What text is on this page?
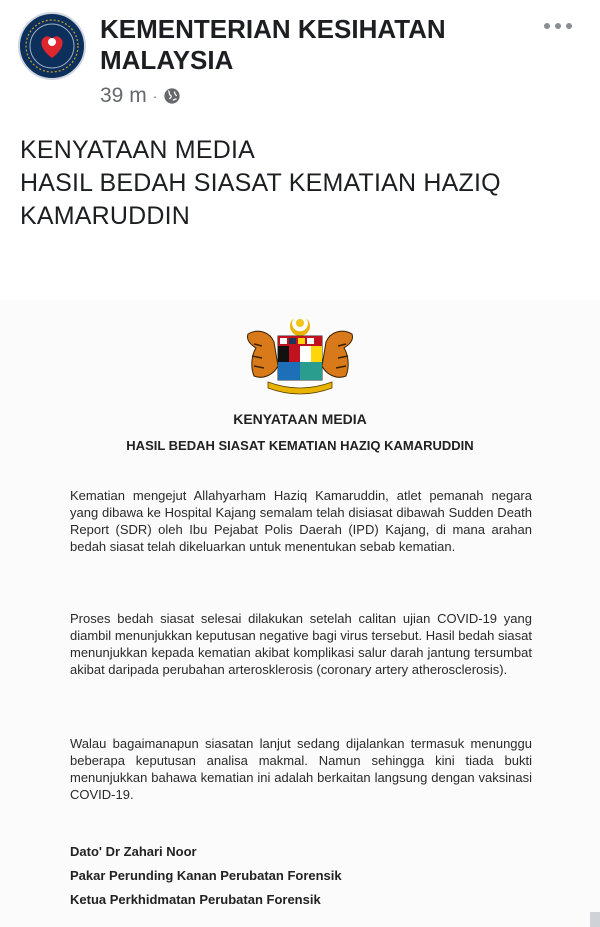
KEMENTERIAN KESIHATAN MALAYSIA
39 m ·
KENYATAAN MEDIA
HASIL BEDAH SIASAT KEMATIAN HAZIQ
KAMARUDDIN
KENYATAAN MEDIA
HASIL BEDAH SIASAT KEMATIAN HAZIQ KAMARUDDIN

Kematian mengejut Allahyarham Haziq Kamaruddin, atlet pemanah negara yang dibawa ke Hospital Kajang semalam telah disiasat dibawah Sudden Death Report (SDR) oleh Ibu Pejabat Polis Daerah (IPD) Kajang, di mana arahan bedah siasat telah dikeluarkan untuk menentukan sebab kematian.

Proses bedah siasat selesai dilakukan setelah calitan ujian COVID-19 yang diambil menunjukkan keputusan negative bagi virus tersebut. Hasil bedah siasat menunjukkan kepada kematian akibat komplikasi salur darah jantung tersumbat akibat daripada perubahan arterosklerosis (coronary artery atherosclerosis).

Walau bagaimanapun siasatan lanjut sedang dijalankan termasuk menunggu beberapa keputusan analisa makmal. Namun sehingga kini tiada bukti menunjukkan bahawa kematian ini adalah berkaitan langsung dengan vaksinasi COVID-19.

Dato' Dr Zahari Noor
Pakar Perunding Kanan Perubatan Forensik
Ketua Perkhidmatan Perubatan Forensik
